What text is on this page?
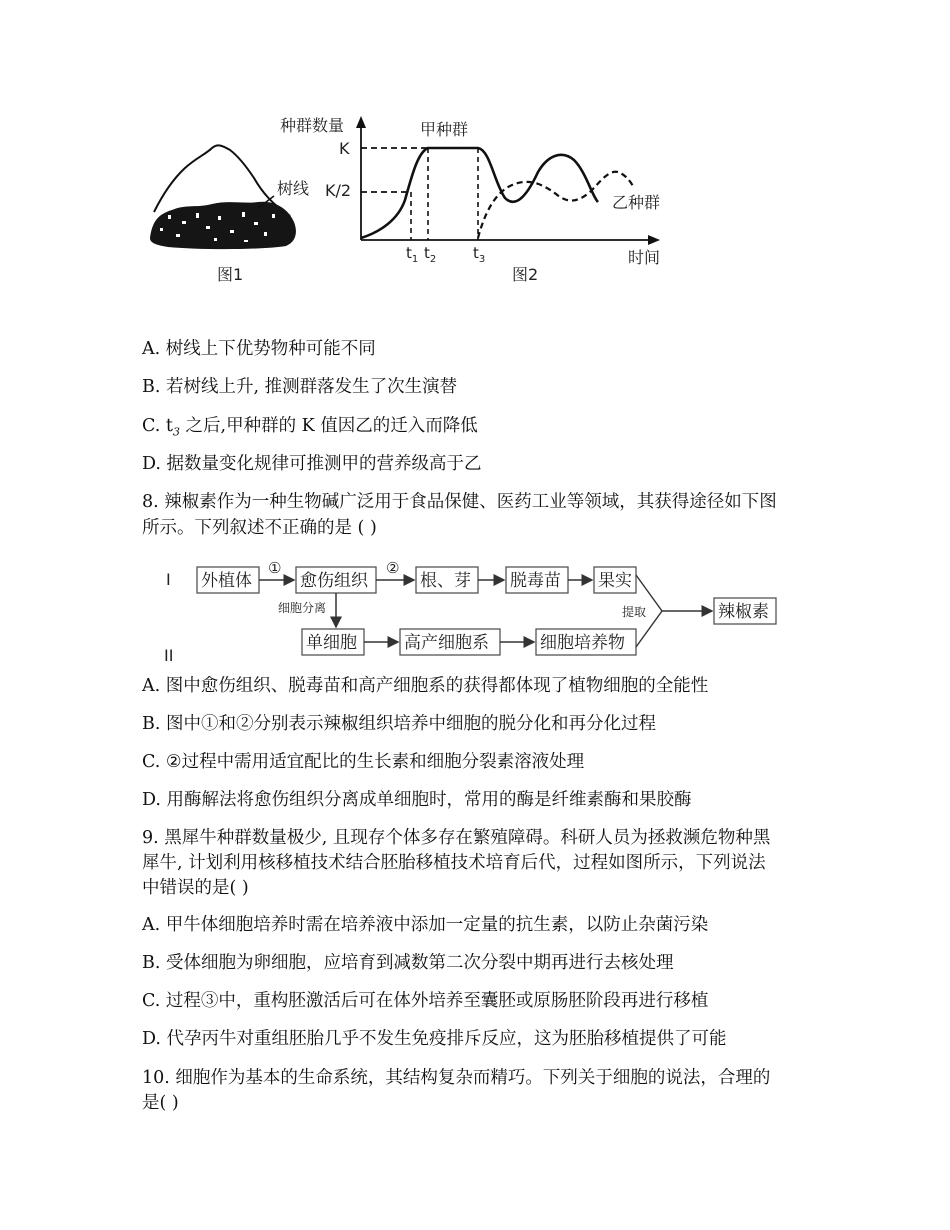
树线
图1
种群数量
时间
K
K/2
甲种群
乙种群
$t_1$ $t_2$ $t_3$
图2
A. 树线上下优势物种可能不同
B. 若树线上升, 推测群落发生了次生演替
C. $t_3$ 之后,甲种群的 K 值因乙的迁入而降低
D. 据数量变化规律可推测甲的营养级高于乙
8. 辣椒素作为一种生物碱广泛用于食品保健、医药工业等领域，其获得途径如下图
所示。下列叙述不正确的是 ( )
I
II
外植体
①
愈伤组织
②
根、芽 脱毒苗 果实
细胞分离
单细胞	高产细胞系	细胞培养物
提取	辣椒素
A. 图中愈伤组织、脱毒苗和高产细胞系的获得都体现了植物细胞的全能性
B. 图中①和②分别表示辣椒组织培养中细胞的脱分化和再分化过程
C. ②过程中需用适宜配比的生长素和细胞分裂素溶液处理
D. 用酶解法将愈伤组织分离成单细胞时，常用的酶是纤维素酶和果胶酶
9. 黑犀牛种群数量极少, 且现存个体多存在繁殖障碍。科研人员为拯救濒危物种黑
犀牛, 计划利用核移植技术结合胚胎移植技术培育后代，过程如图所示，下列说法
中错误的是( )
A. 甲牛体细胞培养时需在培养液中添加一定量的抗生素，以防止杂菌污染
B. 受体细胞为卵细胞，应培育到减数第二次分裂中期再进行去核处理
C. 过程③中，重构胚激活后可在体外培养至囊胚或原肠胚阶段再进行移植
D. 代孕丙牛对重组胚胎几乎不发生免疫排斥反应，这为胚胎移植提供了可能
10. 细胞作为基本的生命系统，其结构复杂而精巧。下列关于细胞的说法，合理的
是( )
